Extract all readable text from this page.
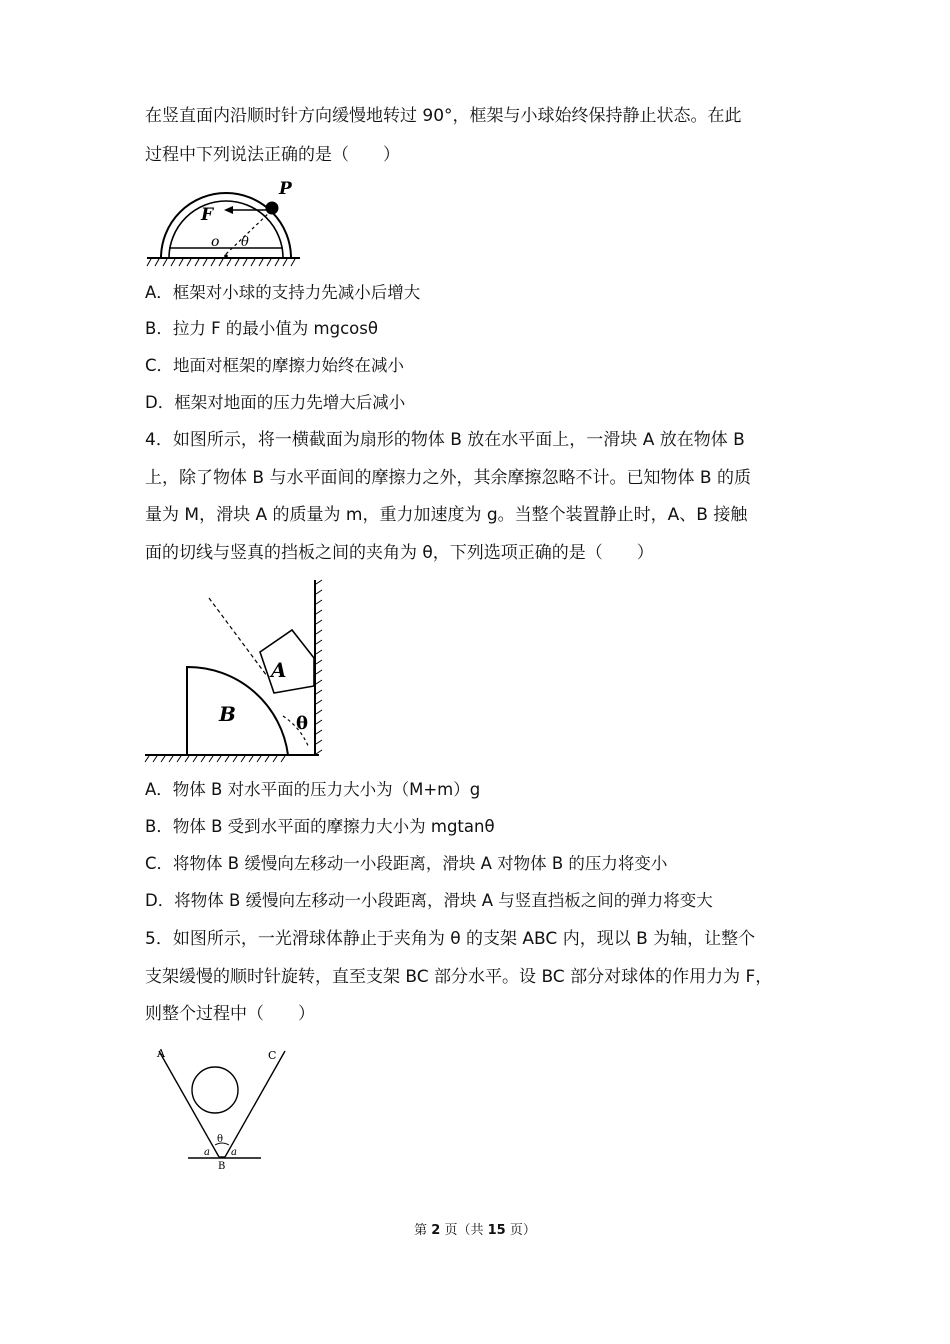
在竖直面内沿顺时针方向缓慢地转过 90°，框架与小球始终保持静止状态。在此
过程中下列说法正确的是（　　）
P
F
o θ
A．框架对小球的支持力先减小后增大
B．拉力 F 的最小值为 mgcosθ
C．地面对框架的摩擦力始终在减小
D．框架对地面的压力先增大后减小
4．如图所示，将一横截面为扇形的物体 B 放在水平面上，一滑块 A 放在物体 B
上，除了物体 B 与水平面间的摩擦力之外，其余摩擦忽略不计。已知物体 B 的质
量为 M，滑块 A 的质量为 m，重力加速度为 g。当整个装置静止时，A、B 接触
面的切线与竖真的挡板之间的夹角为 θ，下列选项正确的是（　　）
A
B	θ
A．物体 B 对水平面的压力大小为（M+m）g
B．物体 B 受到水平面的摩擦力大小为 mgtanθ
C．将物体 B 缓慢向左移动一小段距离，滑块 A 对物体 B 的压力将变小
D．将物体 B 缓慢向左移动一小段距离，滑块 A 与竖直挡板之间的弹力将变大
5．如图所示，一光滑球体静止于夹角为 θ 的支架 ABC 内，现以 B 为轴，让整个
支架缓慢的顺时针旋转，直至支架 BC 部分水平。设 BC 部分对球体的作用力为 F，
则整个过程中（　　）
A	C
θ
a a
B
第 2 页（共 15 页）
